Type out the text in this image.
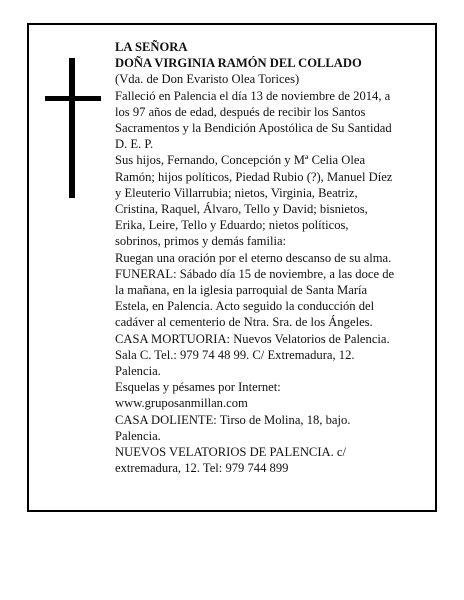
LA SEÑORA
DOÑA VIRGINIA RAMÓN DEL COLLADO
(Vda. de Don Evaristo Olea Torices)
Falleció en Palencia el día 13 de noviembre de 2014, a
los 97 años de edad, después de recibir los Santos
Sacramentos y la Bendición Apostólica de Su Santidad
D. E. P.
Sus hijos, Fernando, Concepción y Mª Celia Olea
Ramón; hijos políticos, Piedad Rubio (?), Manuel Díez
y Eleuterio Villarrubia; nietos, Virginia, Beatriz,
Cristina, Raquel, Álvaro, Tello y David; bisnietos,
Erika, Leire, Tello y Eduardo; nietos políticos,
sobrinos, primos y demás familia:
Ruegan una oración por el eterno descanso de su alma.
FUNERAL: Sábado día 15 de noviembre, a las doce de
la mañana, en la iglesia parroquial de Santa María
Estela, en Palencia. Acto seguido la conducción del
cadáver al cementerio de Ntra. Sra. de los Ángeles.
CASA MORTUORIA: Nuevos Velatorios de Palencia.
Sala C. Tel.: 979 74 48 99. C/ Extremadura, 12.
Palencia.
Esquelas y pésames por Internet:
www.gruposanmillan.com
CASA DOLIENTE: Tirso de Molina, 18, bajo.
Palencia.
NUEVOS VELATORIOS DE PALENCIA. c/
extremadura, 12. Tel: 979 744 899
